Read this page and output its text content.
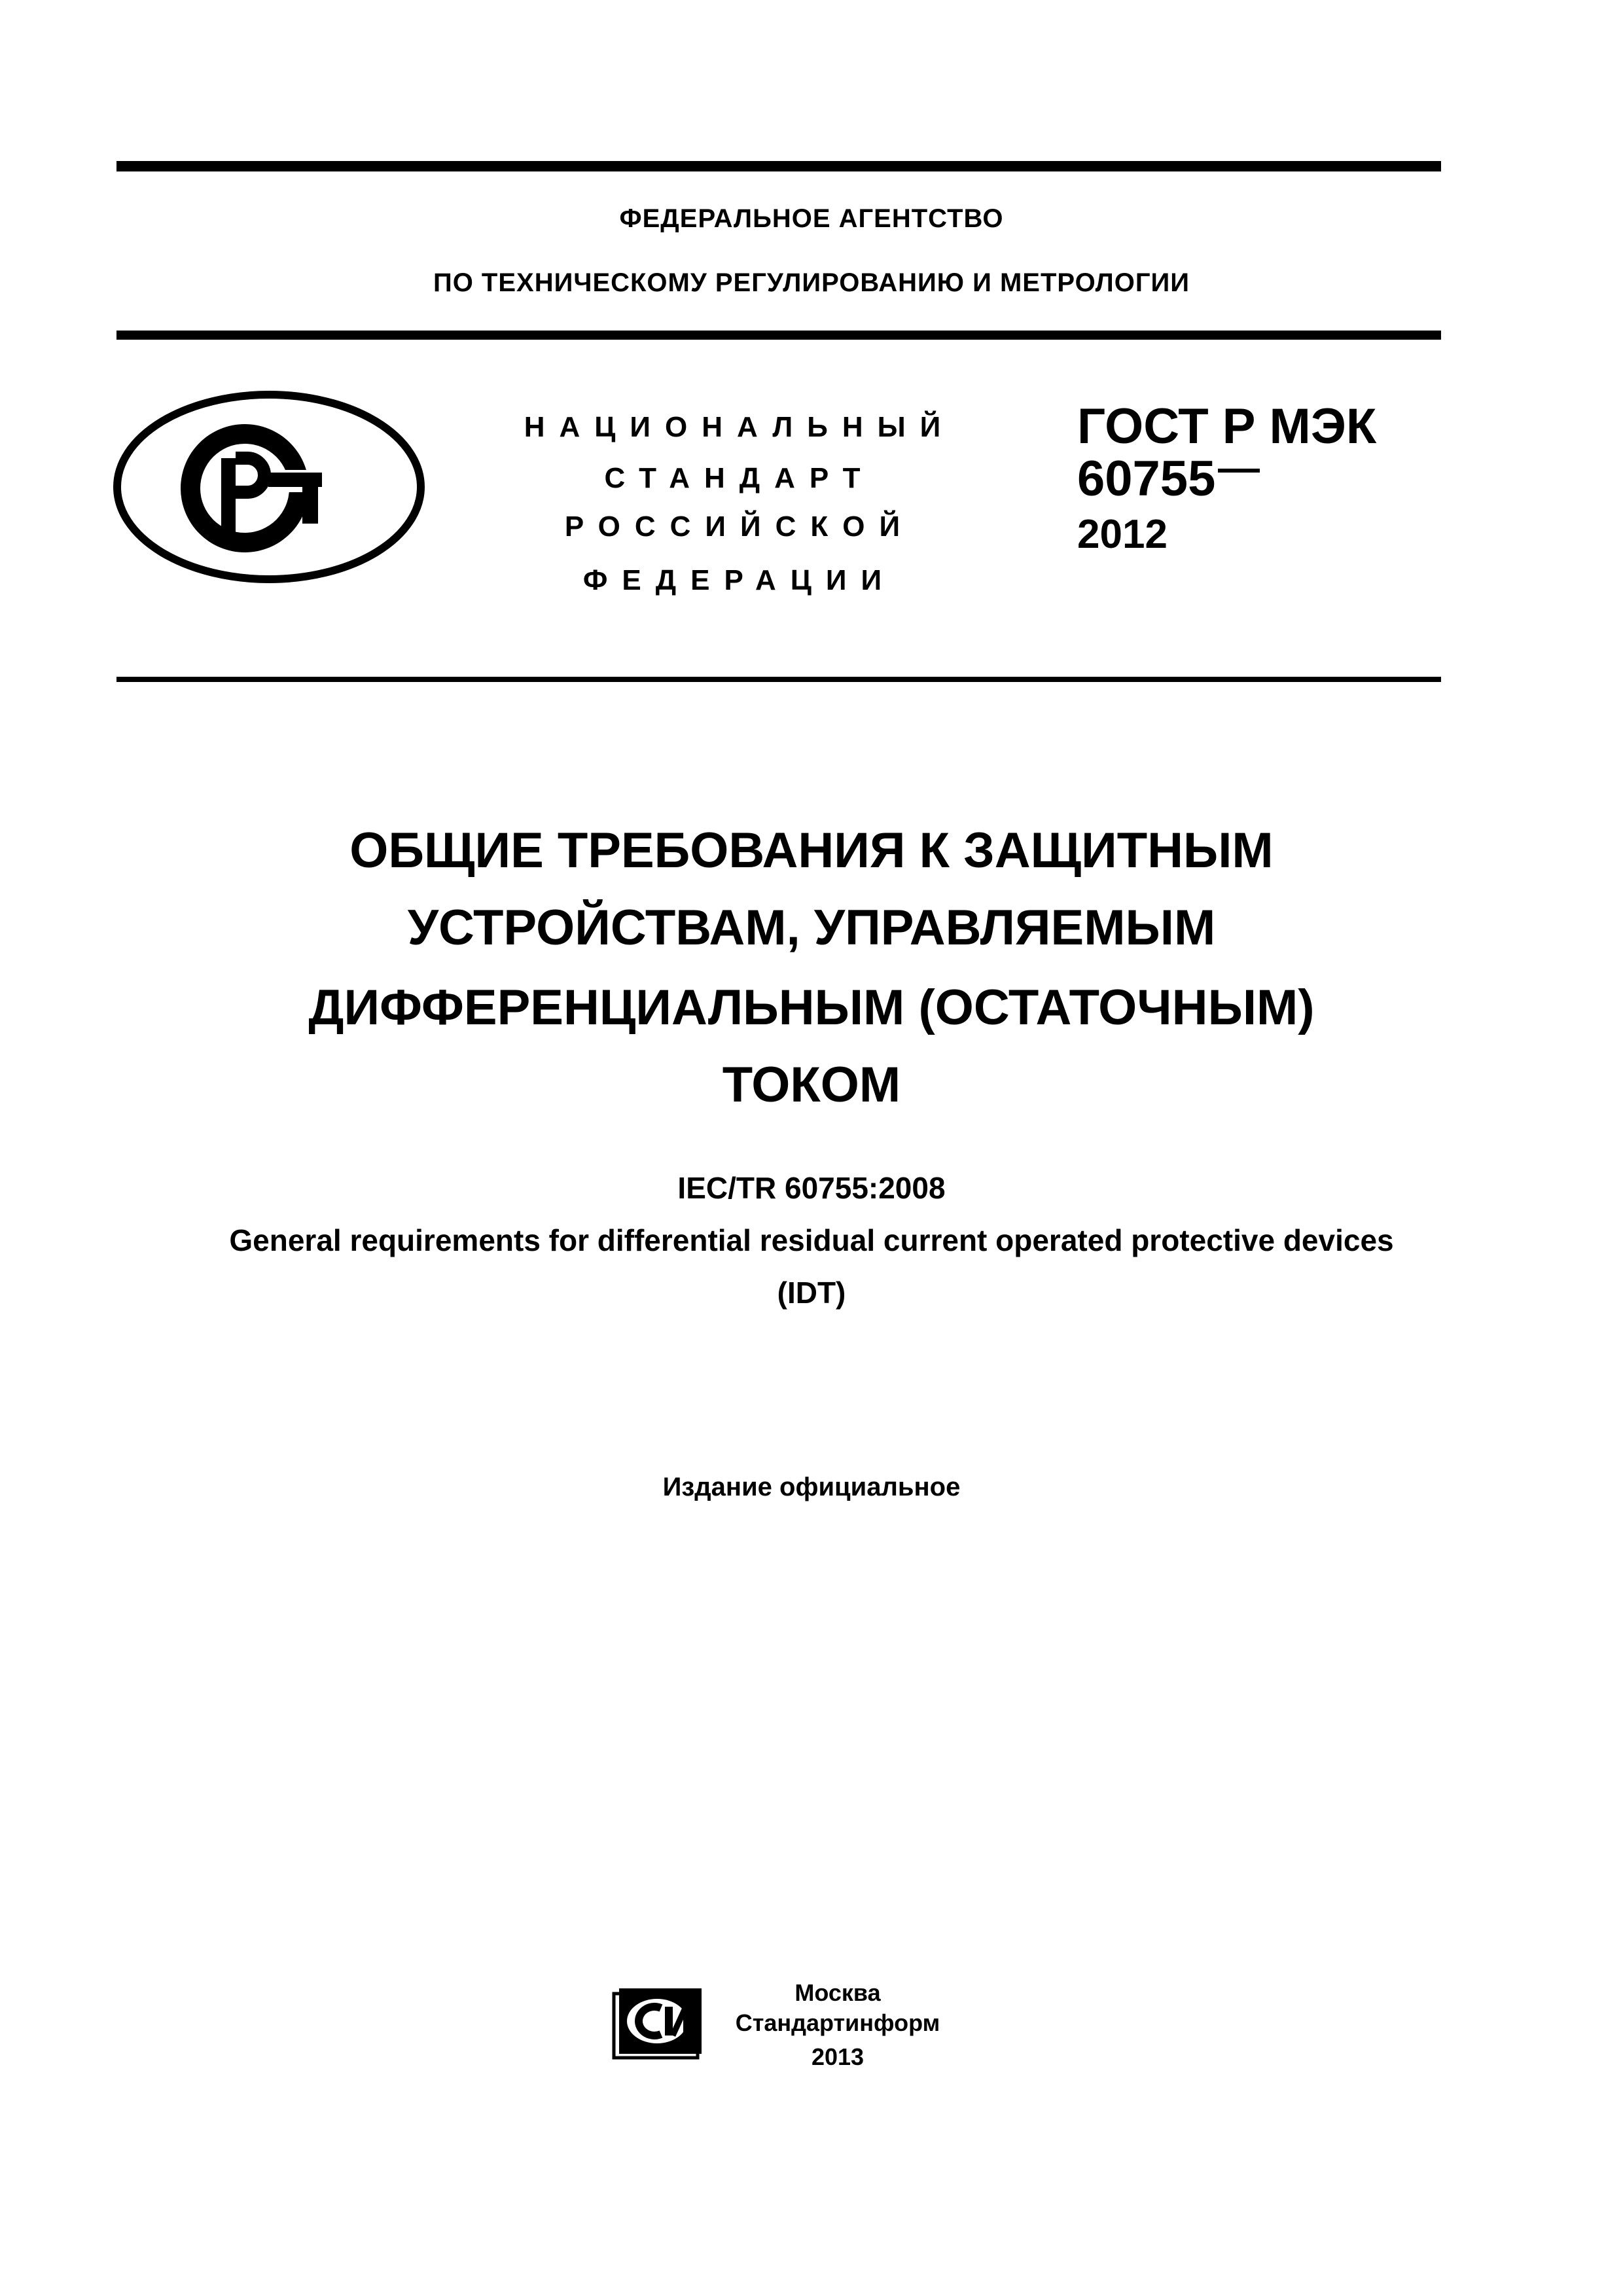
ФЕДЕРАЛЬНОЕ АГЕНТСТВО
ПО ТЕХНИЧЕСКОМУ РЕГУЛИРОВАНИЮ И МЕТРОЛОГИИ
НАЦИОНАЛЬНЫЙ
СТАНДАРТ
РОССИЙСКОЙ
ФЕДЕРАЦИИ
ГОСТ Р МЭК
60755
2012
ОБЩИЕ ТРЕБОВАНИЯ К ЗАЩИТНЫМ
УСТРОЙСТВАМ, УПРАВЛЯЕМЫМ
ДИФФЕРЕНЦИАЛЬНЫМ (ОСТАТОЧНЫМ)
ТОКОМ
IEC/TR 60755:2008
General requirements for differential residual current operated protective devices
(IDT)
Издание официальное
Москва
Стандартинформ
2013
